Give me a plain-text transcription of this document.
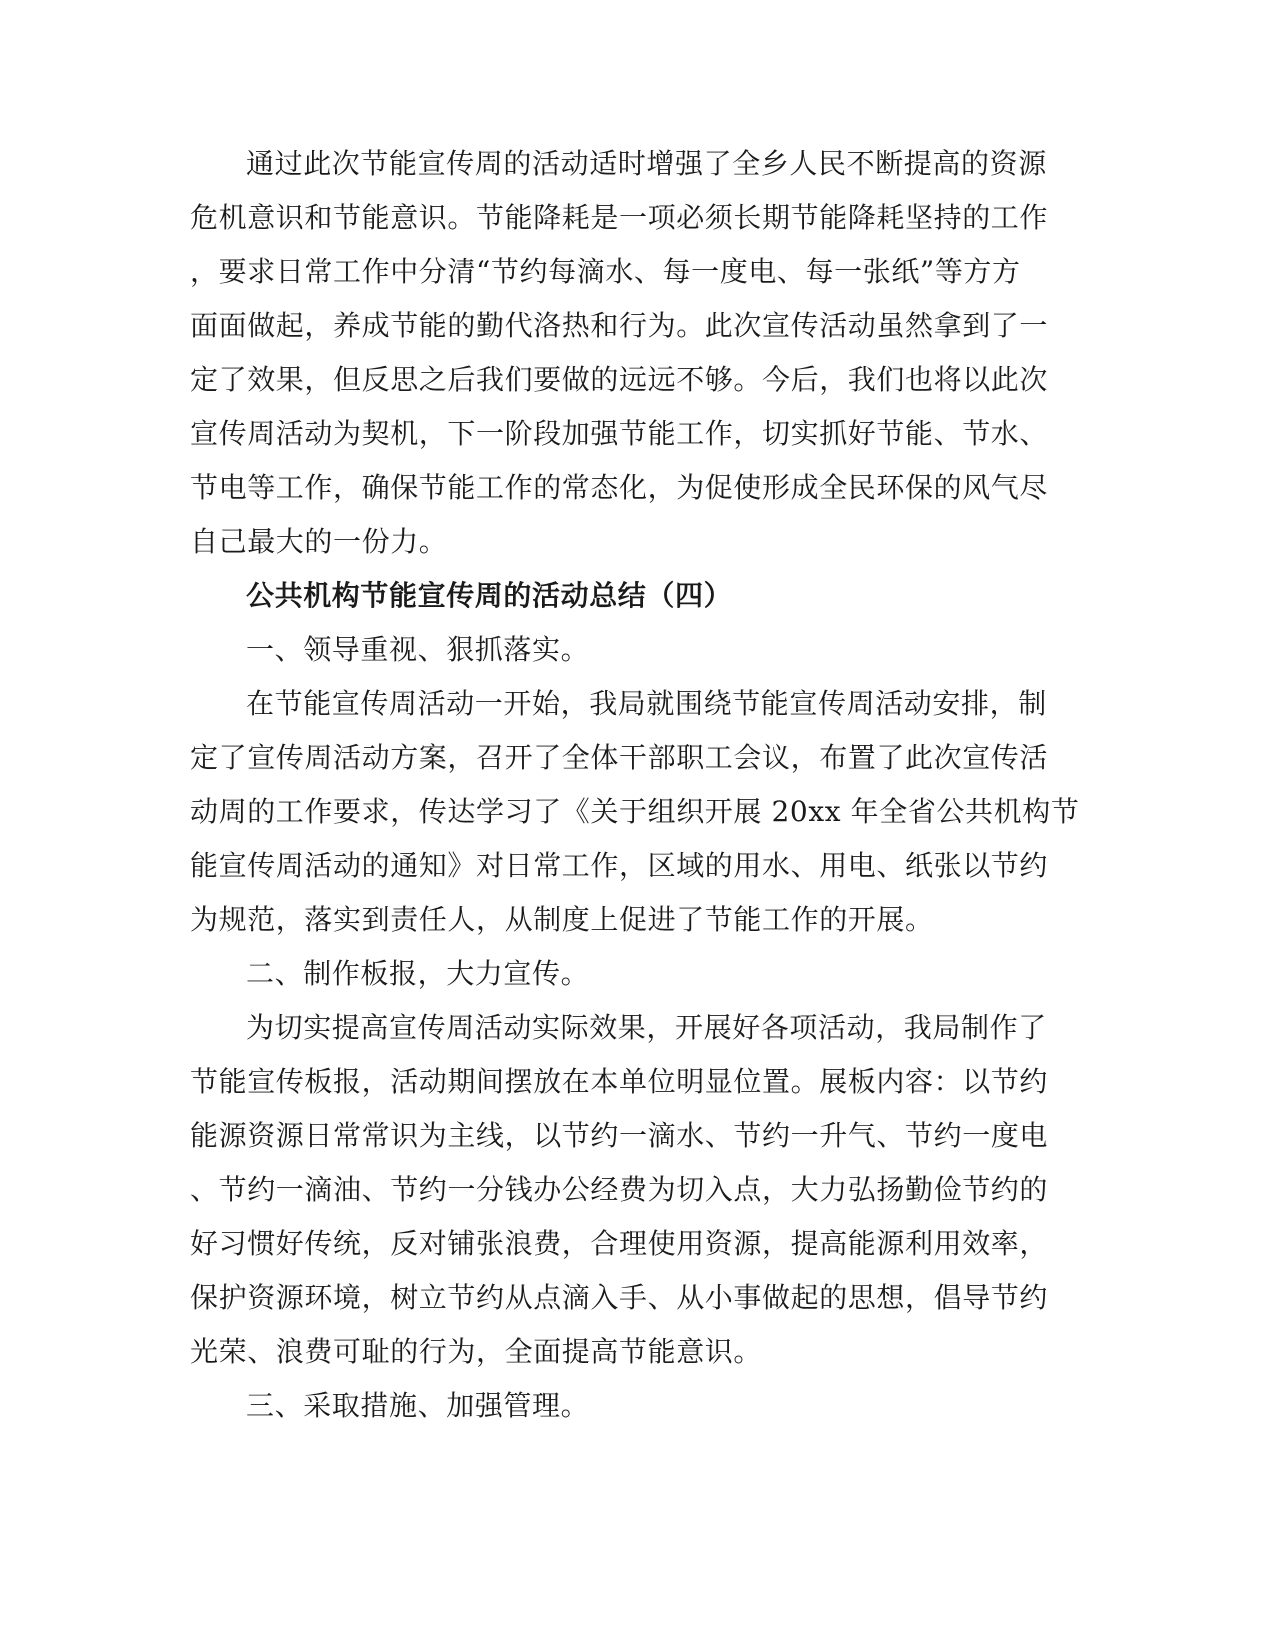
通过此次节能宣传周的活动适时增强了全乡人民不断提高的资源
危机意识和节能意识。节能降耗是一项必须长期节能降耗坚持的工作
，要求日常工作中分清“节约每滴水、每一度电、每一张纸”等方方
面面做起，养成节能的勤代洛热和行为。此次宣传活动虽然拿到了一
定了效果，但反思之后我们要做的远远不够。今后，我们也将以此次
宣传周活动为契机，下一阶段加强节能工作，切实抓好节能、节水、
节电等工作，确保节能工作的常态化，为促使形成全民环保的风气尽
自己最大的一份力。
公共机构节能宣传周的活动总结（四）
一、领导重视、狠抓落实。
在节能宣传周活动一开始，我局就围绕节能宣传周活动安排，制
定了宣传周活动方案，召开了全体干部职工会议，布置了此次宣传活
动周的工作要求，传达学习了《关于组织开展 20xx 年全省公共机构节
能宣传周活动的通知》对日常工作，区域的用水、用电、纸张以节约
为规范，落实到责任人，从制度上促进了节能工作的开展。
二、制作板报，大力宣传。
为切实提高宣传周活动实际效果，开展好各项活动，我局制作了
节能宣传板报，活动期间摆放在本单位明显位置。展板内容：以节约
能源资源日常常识为主线，以节约一滴水、节约一升气、节约一度电
、节约一滴油、节约一分钱办公经费为切入点，大力弘扬勤俭节约的
好习惯好传统，反对铺张浪费，合理使用资源，提高能源利用效率，
保护资源环境，树立节约从点滴入手、从小事做起的思想，倡导节约
光荣、浪费可耻的行为，全面提高节能意识。
三、采取措施、加强管理。
